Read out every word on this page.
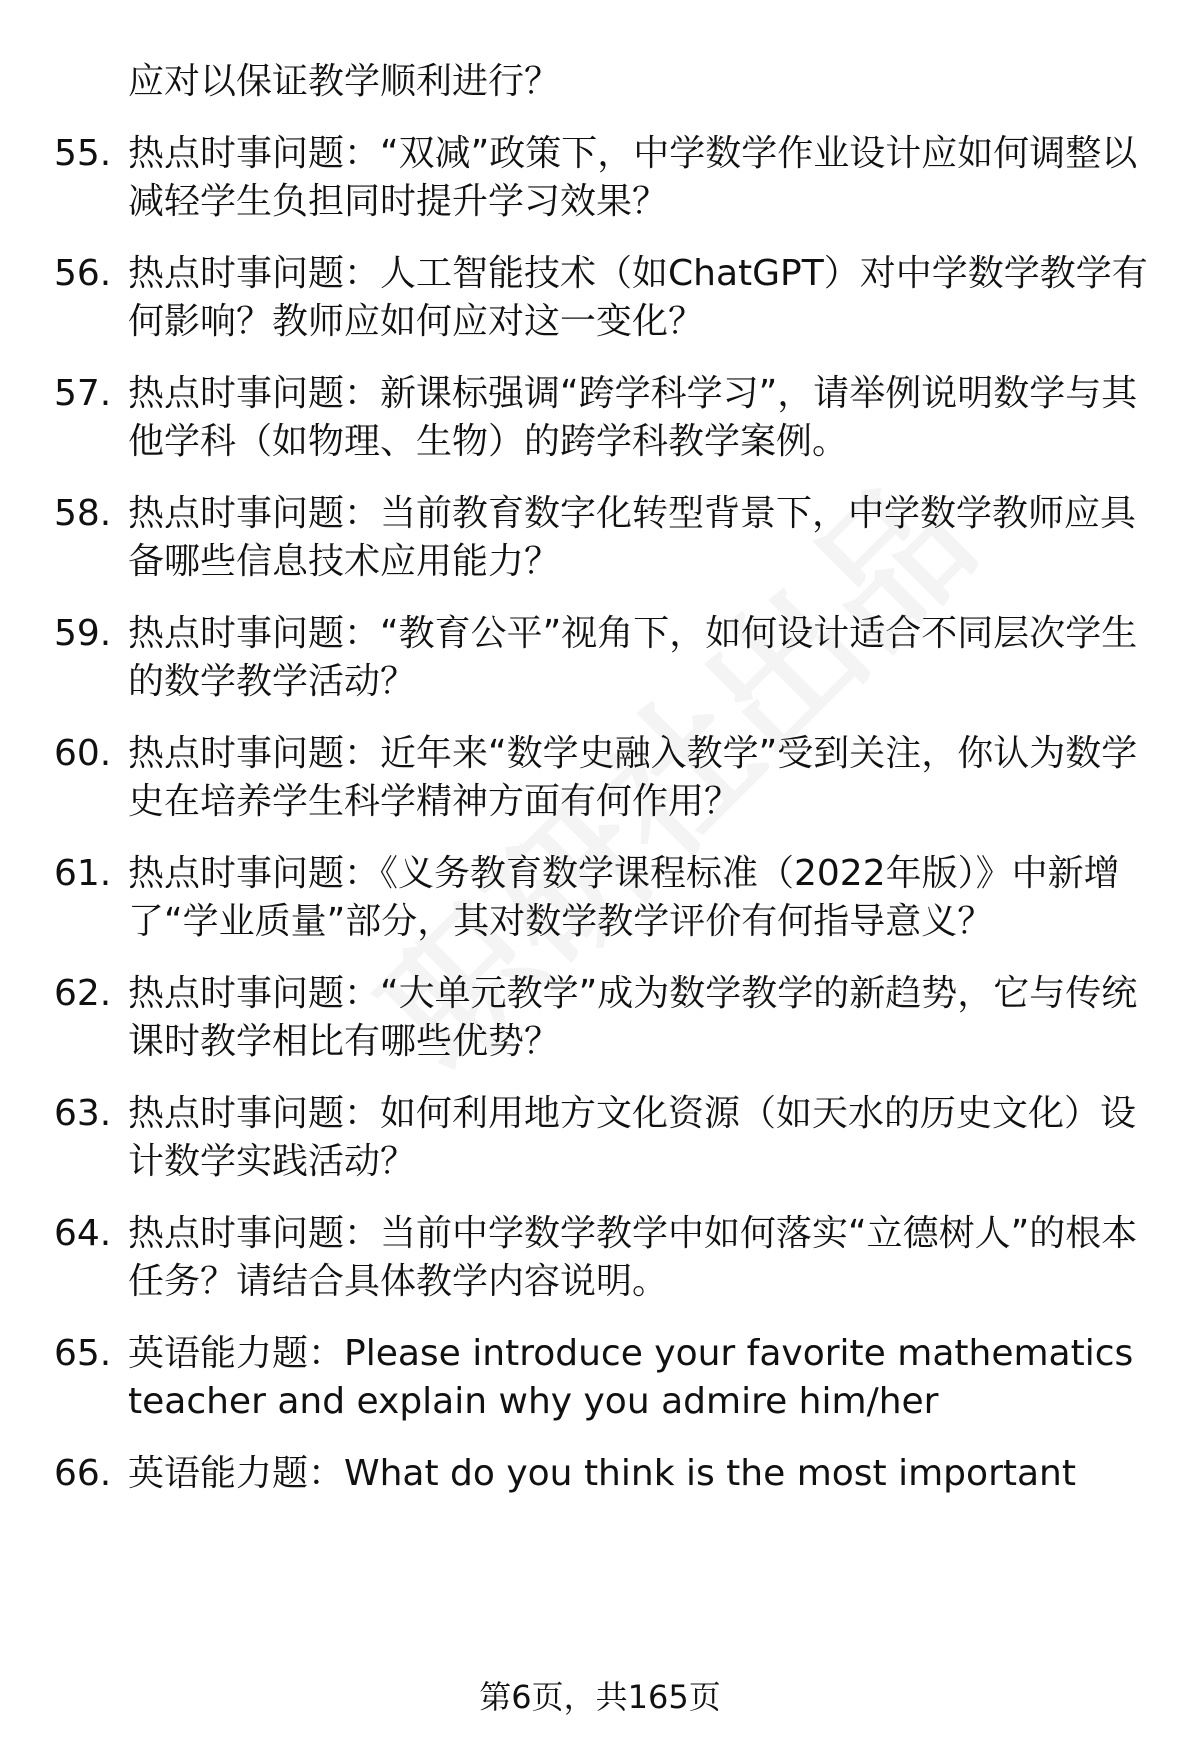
应对以保证教学顺利进行？
55. 热点时事问题：“双减”政策下，中学数学作业设计应如何调整以减轻学生负担同时提升学习效果？
56. 热点时事问题：人工智能技术（如ChatGPT）对中学数学教学有何影响？教师应如何应对这一变化？
57. 热点时事问题：新课标强调“跨学科学习”，请举例说明数学与其他学科（如物理、生物）的跨学科教学案例。
58. 热点时事问题：当前教育数字化转型背景下，中学数学教师应具备哪些信息技术应用能力？
59. 热点时事问题：“教育公平”视角下，如何设计适合不同层次学生的数学教学活动？
60. 热点时事问题：近年来“数学史融入教学”受到关注，你认为数学史在培养学生科学精神方面有何作用？
61. 热点时事问题：《义务教育数学课程标准（2022年版）》中新增了“学业质量”部分，其对数学教学评价有何指导意义？
62. 热点时事问题：“大单元教学”成为数学教学的新趋势，它与传统课时教学相比有哪些优势？
63. 热点时事问题：如何利用地方文化资源（如天水的历史文化）设计数学实践活动？
64. 热点时事问题：当前中学数学教学中如何落实“立德树人”的根本任务？请结合具体教学内容说明。
65. 英语能力题：Please introduce your favorite mathematics teacher and explain why you admire him/her
66. 英语能力题：What do you think is the most important
第6页，共165页
